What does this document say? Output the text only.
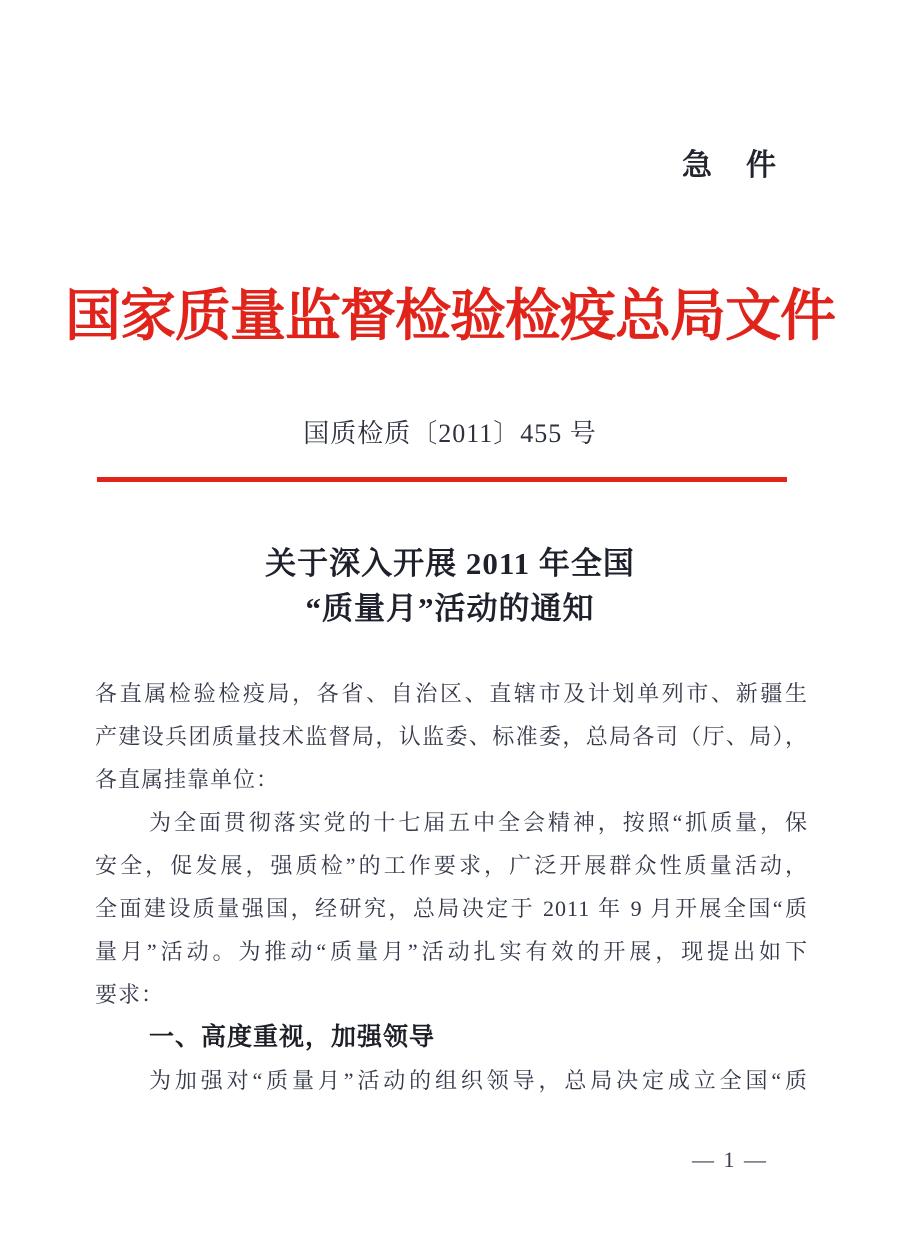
急　件
国家质量监督检验检疫总局文件
国质检质〔2011〕455 号
关于深入开展 2011 年全国
“质量月”活动的通知
各直属检验检疫局，各省、自治区、直辖市及计划单列市、新疆生
产建设兵团质量技术监督局，认监委、标准委，总局各司（厅、局），
各直属挂靠单位：
为全面贯彻落实党的十七届五中全会精神，按照“抓质量，保
安全，促发展，强质检”的工作要求，广泛开展群众性质量活动，
全面建设质量强国，经研究，总局决定于 2011 年 9 月开展全国“质
量月”活动。为推动“质量月”活动扎实有效的开展，现提出如下
要求：
一、高度重视，加强领导
为加强对“质量月”活动的组织领导，总局决定成立全国“质
— 1 —
